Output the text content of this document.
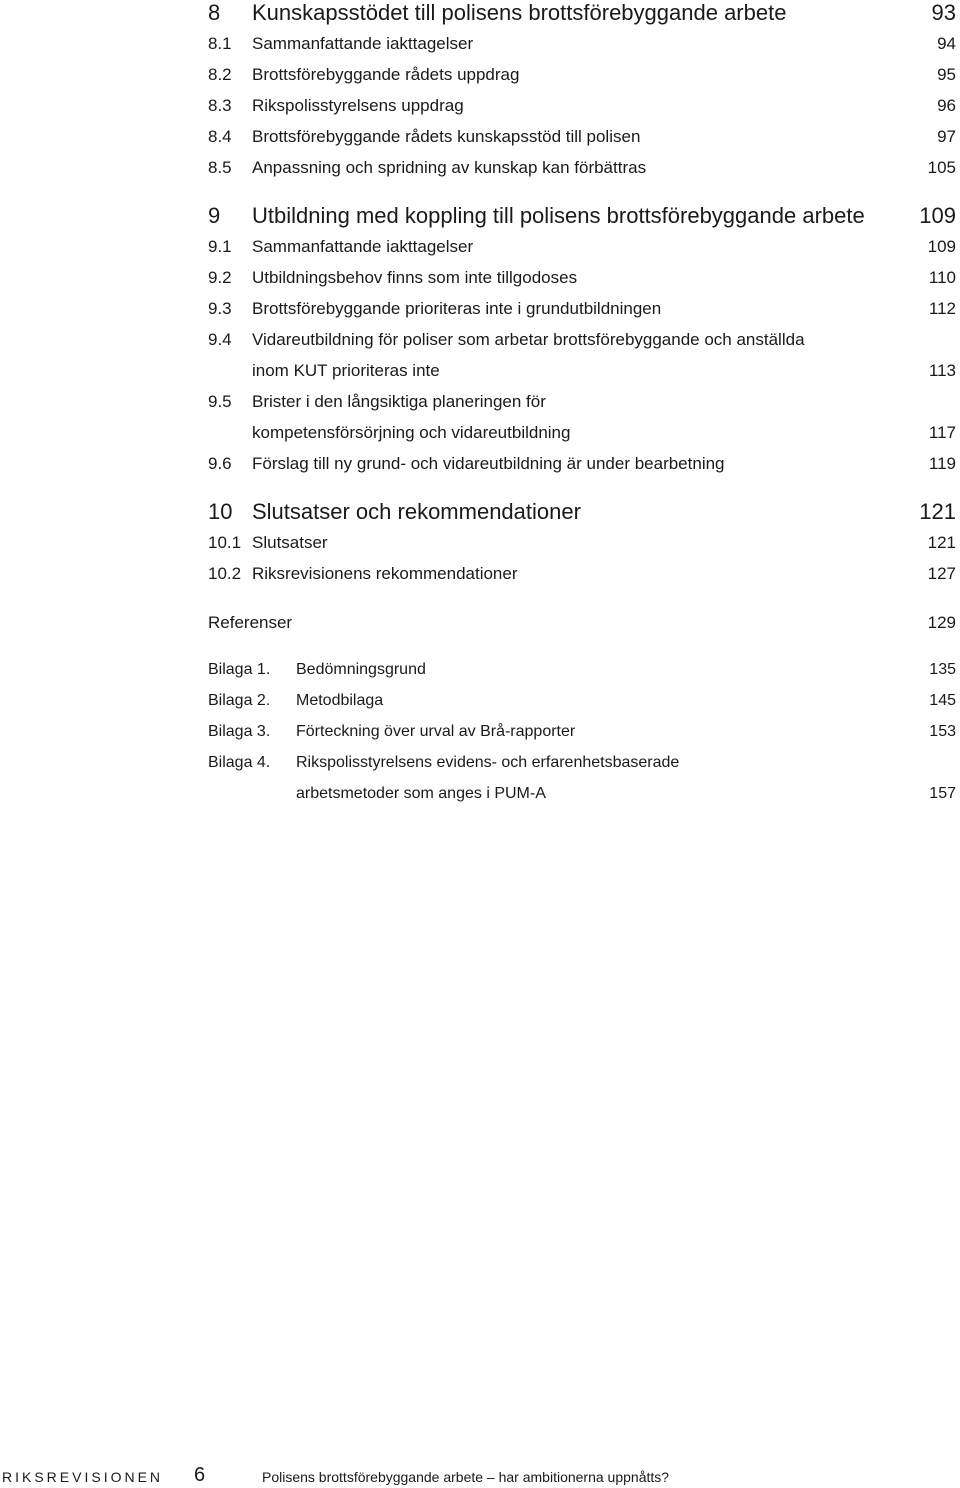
8 Kunskapsstödet till polisens brottsförebyggande arbete	93
8.1 Sammanfattande iakttagelser	94
8.2 Brottsförebyggande rådets uppdrag	95
8.3 Rikspolisstyrelsens uppdrag	96
8.4 Brottsförebyggande rådets kunskapsstöd till polisen	97
8.5 Anpassning och spridning av kunskap kan förbättras	105
9 Utbildning med koppling till polisens brottsförebyggande arbete 109
9.1 Sammanfattande iakttagelser	109
9.2 Utbildningsbehov finns som inte tillgodoses	110
9.3 Brottsförebyggande prioriteras inte i grundutbildningen	112
9.4 Vidareutbildning för poliser som arbetar brottsförebyggande och anställda
inom KUT prioriteras inte	113
9.5 Brister i den långsiktiga planeringen för
kompetensförsörjning och vidareutbildning	117
9.6 Förslag till ny grund- och vidareutbildning är under bearbetning	119
10 Slutsatser och rekommendationer	121
10.1 Slutsatser	121
10.2 Riksrevisionens rekommendationer	127
Referenser	129
Bilaga 1. Bedömningsgrund	135
Bilaga 2. Metodbilaga	145
Bilaga 3. Förteckning över urval av Brå-rapporter	153
Bilaga 4. Rikspolisstyrelsens evidens- och erfarenhetsbaserade
arbetsmetoder som anges i PUM-A	157
RIKSREVISIONEN 6	Polisens brottsförebyggande arbete – har ambitionerna uppnåtts?
